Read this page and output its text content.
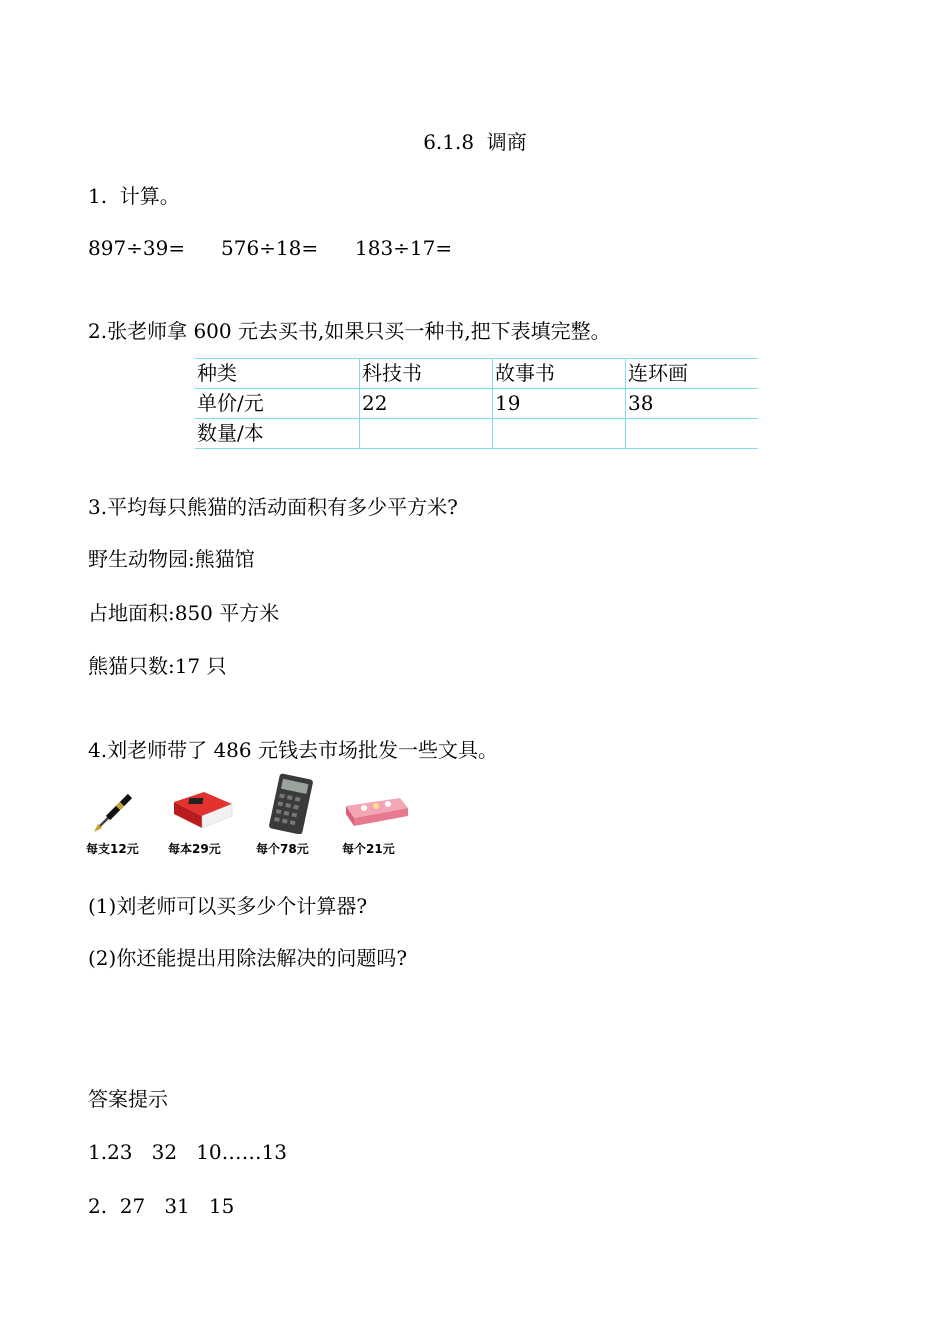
6.1.8  调商
1.  计算。
897÷39= 576÷18= 183÷17=
2.张老师拿 600 元去买书,如果只买一种书,把下表填完整。
种类	科技书	故事书	连环画
单价/元	22	19	38
数量/本			
3.平均每只熊猫的活动面积有多少平方米?
野生动物园:熊猫馆
占地面积:850 平方米
熊猫只数:17 只
4.刘老师带了 486 元钱去市场批发一些文具。
每支12元	每本29元	每个78元	每个21元
(1)刘老师可以买多少个计算器?
(2)你还能提出用除法解决的问题吗?
答案提示
1.23   32   10……13
2.  27   31   15
